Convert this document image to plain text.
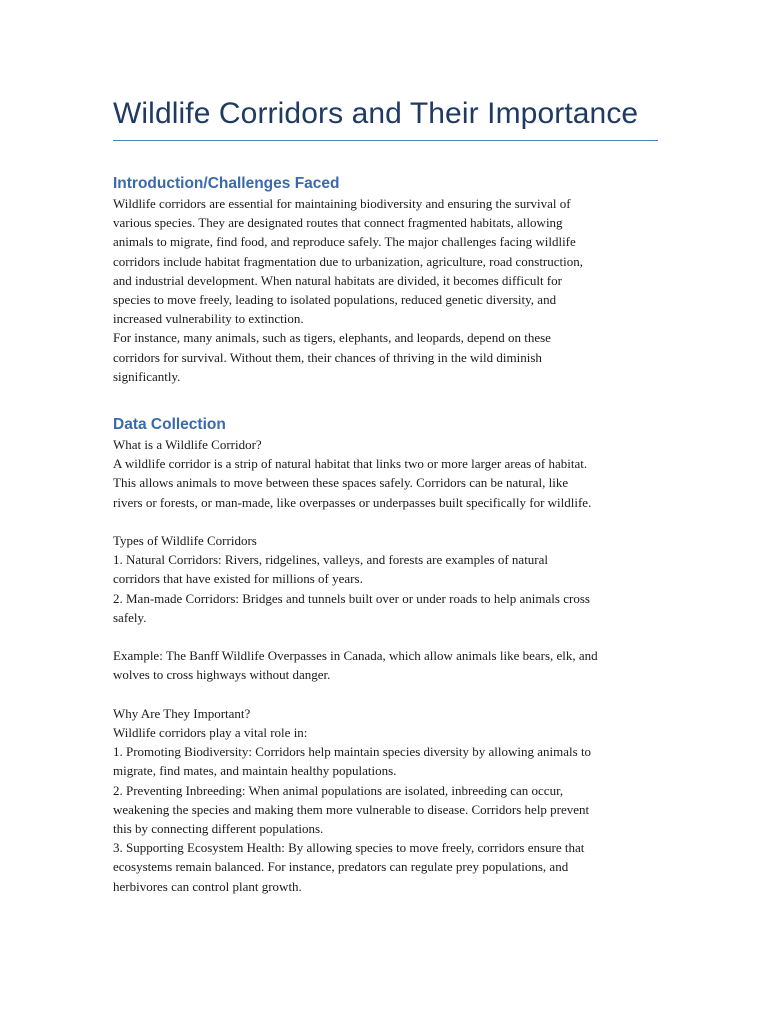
Wildlife Corridors and Their Importance
Introduction/Challenges Faced

Wildlife corridors are essential for maintaining biodiversity and ensuring the survival of

various species. They are designated routes that connect fragmented habitats, allowing

animals to migrate, find food, and reproduce safely. The major challenges facing wildlife

corridors include habitat fragmentation due to urbanization, agriculture, road construction,

and industrial development. When natural habitats are divided, it becomes difficult for

species to move freely, leading to isolated populations, reduced genetic diversity, and

increased vulnerability to extinction.

For instance, many animals, such as tigers, elephants, and leopards, depend on these

corridors for survival. Without them, their chances of thriving in the wild diminish

significantly.

Data Collection

What is a Wildlife Corridor?

A wildlife corridor is a strip of natural habitat that links two or more larger areas of habitat.

This allows animals to move between these spaces safely. Corridors can be natural, like

rivers or forests, or man-made, like overpasses or underpasses built specifically for wildlife.

Types of Wildlife Corridors

1. Natural Corridors: Rivers, ridgelines, valleys, and forests are examples of natural

corridors that have existed for millions of years.

2. Man-made Corridors: Bridges and tunnels built over or under roads to help animals cross

safely.

Example: The Banff Wildlife Overpasses in Canada, which allow animals like bears, elk, and

wolves to cross highways without danger.

Why Are They Important?

Wildlife corridors play a vital role in:

1. Promoting Biodiversity: Corridors help maintain species diversity by allowing animals to

migrate, find mates, and maintain healthy populations.

2. Preventing Inbreeding: When animal populations are isolated, inbreeding can occur,

weakening the species and making them more vulnerable to disease. Corridors help prevent

this by connecting different populations.

3. Supporting Ecosystem Health: By allowing species to move freely, corridors ensure that

ecosystems remain balanced. For instance, predators can regulate prey populations, and

herbivores can control plant growth.
